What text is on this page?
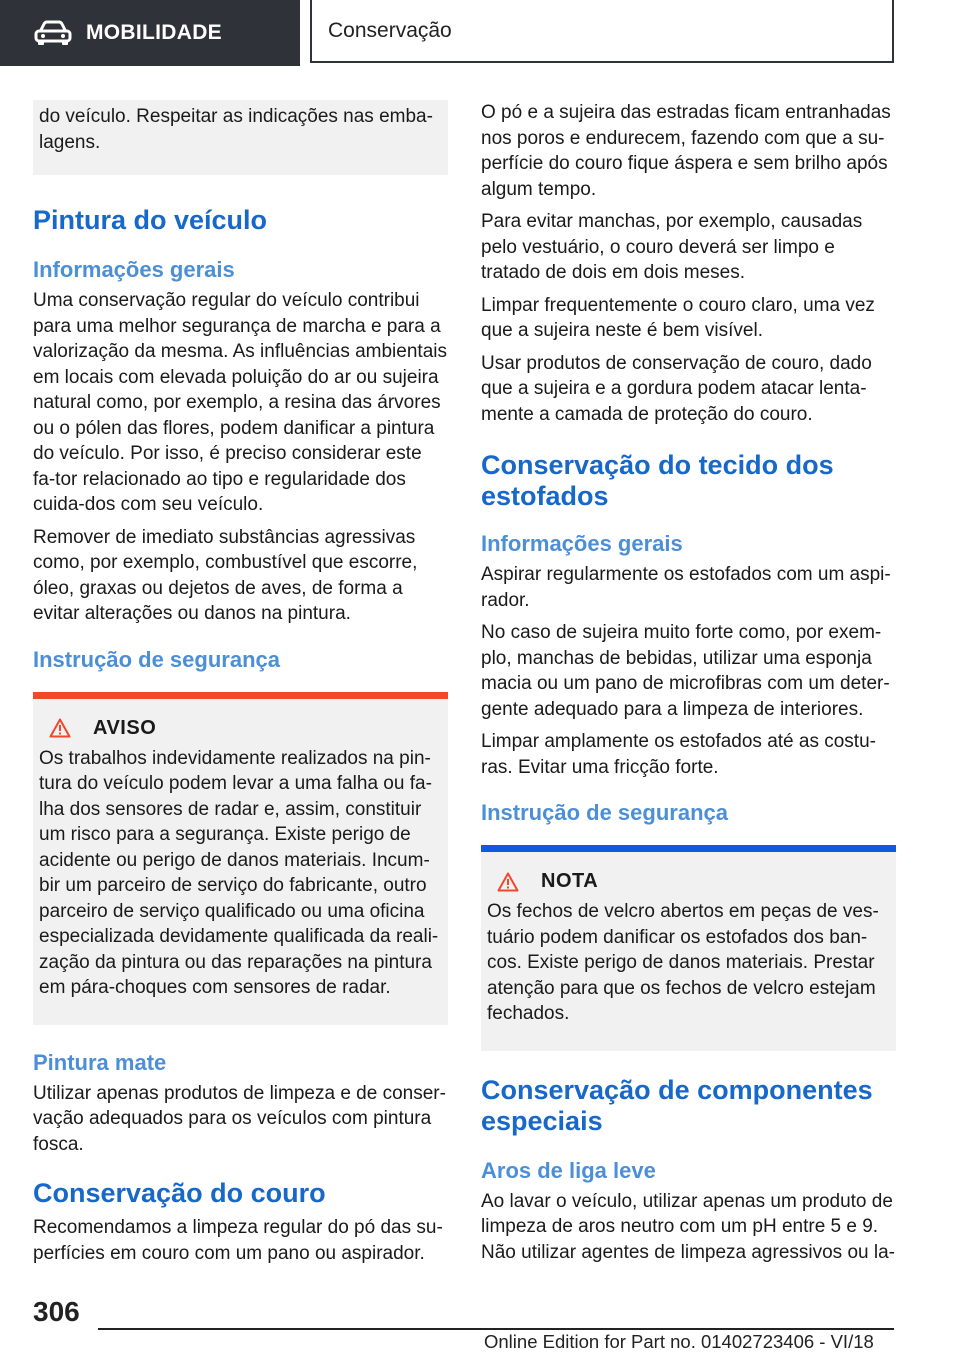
MOBILIDADE	Conservação

do veículo. Respeitar as indicações nas emba‐lagens.

Pintura do veículo
Informações gerais

Uma conservação regular do veículo contribui para uma melhor segurança de marcha e para a valorização da mesma. As influências ambientais em locais com elevada poluição do ar ou sujeira natural como, por exemplo, a resina das árvores ou o pólen das flores, podem danificar a pintura do veículo. Por isso, é preciso considerar este fa‐tor relacionado ao tipo e regularidade dos cuida‐dos com seu veículo.

Remover de imediato substâncias agressivas como, por exemplo, combustível que escorre, óleo, graxas ou dejetos de aves, de forma a evitar alterações ou danos na pintura.

Instrução de segurança
AVISO

Os trabalhos indevidamente realizados na pin‐tura do veículo podem levar a uma falha ou fa‐lha dos sensores de radar e, assim, constituir um risco para a segurança. Existe perigo de acidente ou perigo de danos materiais. Incum‐bir um parceiro de serviço do fabricante, outro parceiro de serviço qualificado ou uma oficina especializada devidamente qualificada da reali‐zação da pintura ou das reparações na pintura em pára-choques com sensores de radar.

Pintura mate

Utilizar apenas produtos de limpeza e de conser‐vação adequados para os veículos com pintura fosca.

Conservação do couro

Recomendamos a limpeza regular do pó das su‐perfícies em couro com um pano ou aspirador.

O pó e a sujeira das estradas ficam entranhadas nos poros e endurecem, fazendo com que a su‐perfície do couro fique áspera e sem brilho após algum tempo.

Para evitar manchas, por exemplo, causadas pelo vestuário, o couro deverá ser limpo e tratado de dois em dois meses.

Limpar frequentemente o couro claro, uma vez que a sujeira neste é bem visível.

Usar produtos de conservação de couro, dado que a sujeira e a gordura podem atacar lenta‐mente a camada de proteção do couro.

Conservação do tecido dos estofados
Informações gerais

Aspirar regularmente os estofados com um aspi‐rador.

No caso de sujeira muito forte como, por exem‐plo, manchas de bebidas, utilizar uma esponja macia ou um pano de microfibras com um deter‐gente adequado para a limpeza de interiores.

Limpar amplamente os estofados até as costu‐ras. Evitar uma fricção forte.

Instrução de segurança
NOTA

Os fechos de velcro abertos em peças de ves‐tuário podem danificar os estofados dos ban‐cos. Existe perigo de danos materiais. Prestar atenção para que os fechos de velcro estejam fechados.

Conservação de componentes especiais
Aros de liga leve

Ao lavar o veículo, utilizar apenas um produto de limpeza de aros neutro com um pH entre 5 e 9. Não utilizar agentes de limpeza agressivos ou la‐

306
Online Edition for Part no. 01402723406 - VI/18
